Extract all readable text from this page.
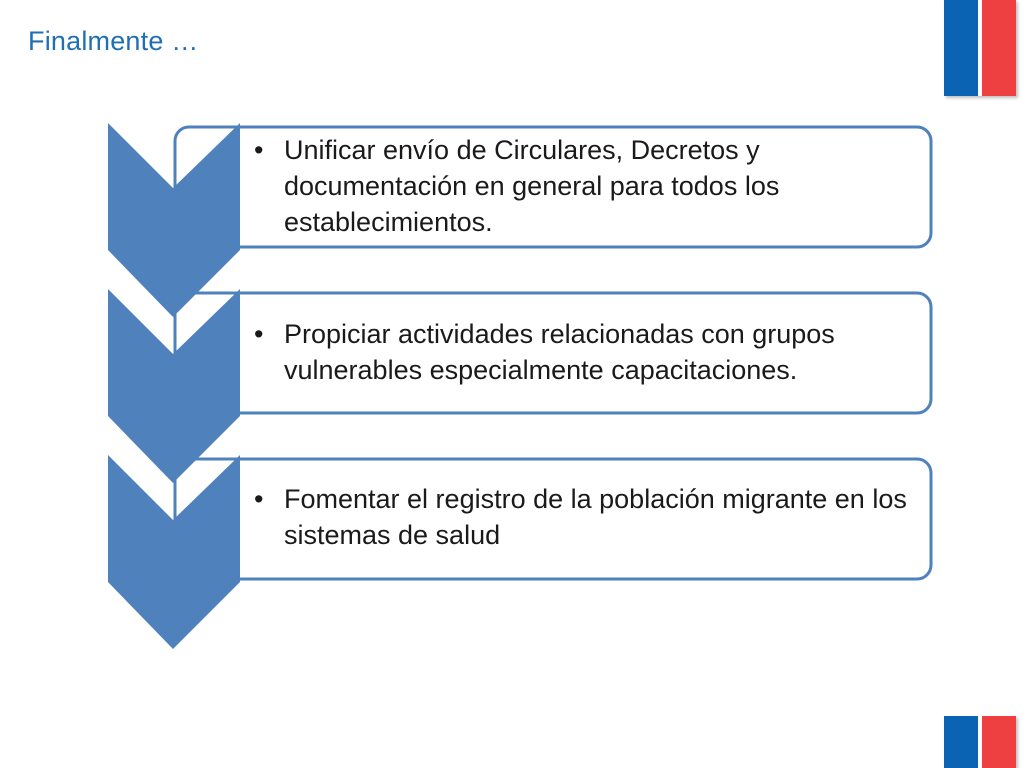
Finalmente …
• Unificar envío de Circulares, Decretos y documentación en general para todos los establecimientos.
• Propiciar actividades relacionadas con grupos vulnerables especialmente capacitaciones.
• Fomentar el registro de la población migrante en los sistemas de salud
